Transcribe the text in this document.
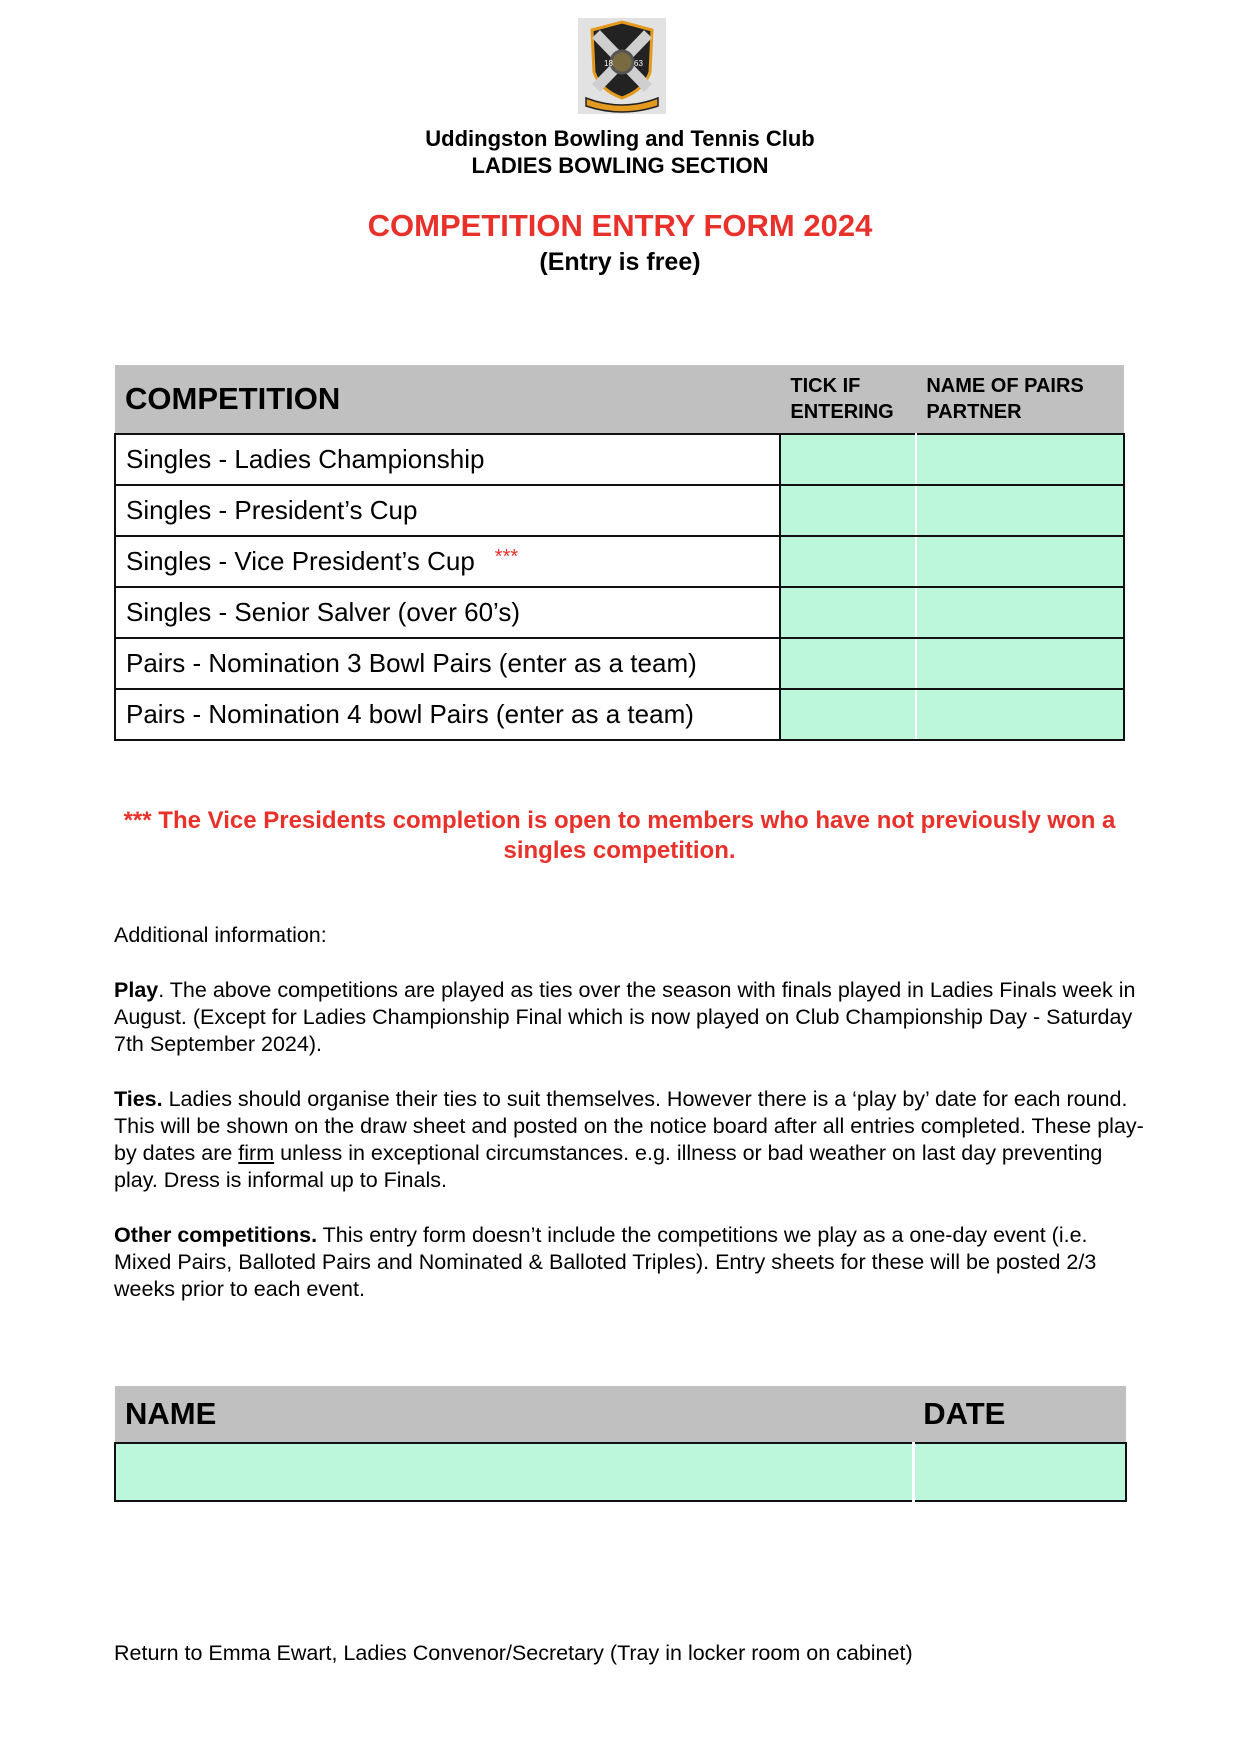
18	63
Uddingston Bowling and Tennis Club
LADIES BOWLING SECTION
COMPETITION ENTRY FORM 2024
(Entry is free)
COMPETITION	TICK IF ENTERING	NAME OF PAIRS PARTNER
Singles - Ladies Championship		
Singles - President’s Cup		
Singles - Vice President’s Cup ***		
Singles - Senior Salver (over 60’s)		
Pairs - Nomination 3 Bowl Pairs (enter as a team)		
Pairs - Nomination 4 bowl Pairs (enter as a team)		
*** The Vice Presidents completion is open to members who have not previously won a singles competition.
Additional information:
Play. The above competitions are played as ties over the season with finals played in Ladies Finals week in August. (Except for Ladies Championship Final which is now played on Club Championship Day - Saturday 7th September 2024).
Ties. Ladies should organise their ties to suit themselves. However there is a ‘play by’ date for each round. This will be shown on the draw sheet and posted on the notice board after all entries completed. These play-by dates are firm unless in exceptional circumstances. e.g. illness or bad weather on last day preventing play. Dress is informal up to Finals.
Other competitions. This entry form doesn’t include the competitions we play as a one-day event (i.e. Mixed Pairs, Balloted Pairs and Nominated & Balloted Triples). Entry sheets for these will be posted 2/3 weeks prior to each event.
NAME	DATE

Return to Emma Ewart, Ladies Convenor/Secretary (Tray in locker room on cabinet)
